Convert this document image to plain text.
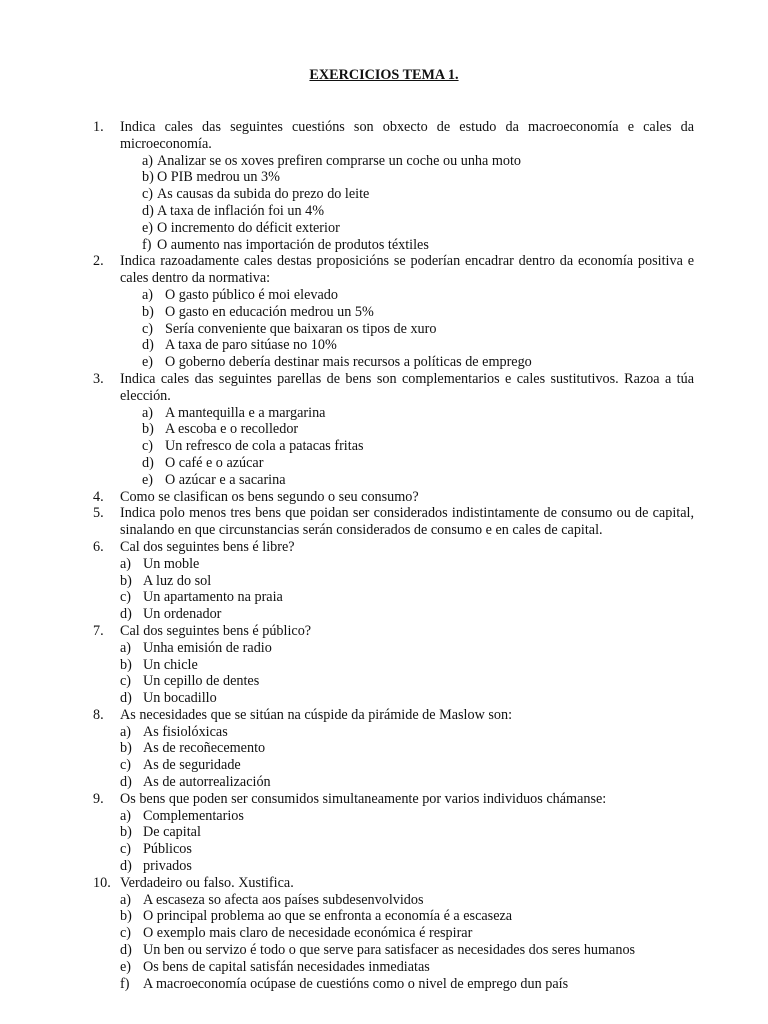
EXERCICIOS TEMA 1.
1.	Indica cales das seguintes cuestións son obxecto de estudo da macroeconomía e cales da microeconomía.
a) Analizar se os xoves prefiren comprarse un coche ou unha moto
b) O PIB medrou un 3%
c) As causas da subida do prezo do leite
d) A taxa de inflación foi un 4%
e) O incremento do déficit exterior
f) O aumento nas importación de produtos téxtiles
2.	Indica razoadamente cales destas proposicións se poderían encadrar dentro da economía positiva e cales dentro da normativa:
a) O gasto público é moi elevado
b) O gasto en educación medrou un 5%
c) Sería conveniente que baixaran os tipos de xuro
d) A taxa de paro sitúase no 10%
e) O goberno debería destinar mais recursos a políticas de emprego
3.	Indica cales das seguintes parellas de bens son complementarios e cales sustitutivos. Razoa a túa elección.
a) A mantequilla e a margarina
b) A escoba e o recolledor
c) Un refresco de cola a patacas fritas
d) O café e o azúcar
e) O azúcar e a sacarina
4.	Como se clasifican os bens segundo o seu consumo?
5.	Indica polo menos tres bens que poidan ser considerados indistintamente de consumo ou de capital, sinalando en que circunstancias serán considerados de consumo e en cales de capital.
6.	Cal dos seguintes bens é libre?
a) Un moble
b) A luz do sol
c) Un apartamento na praia
d) Un ordenador
7.	Cal dos seguintes bens é público?
a) Unha emisión de radio
b) Un chicle
c) Un cepillo de dentes
d) Un bocadillo
8.	As necesidades que se sitúan na cúspide da pirámide de Maslow son:
a) As fisiolóxicas
b) As de recoñecemento
c) As de seguridade
d) As de autorrealización
9.	Os bens que poden ser consumidos simultaneamente por varios individuos chámanse:
a) Complementarios
b) De capital
c) Públicos
d) privados
10. Verdadeiro ou falso. Xustifica.
a) A escaseza so afecta aos países subdesenvolvidos
b) O principal problema ao que se enfronta a economía é a escaseza
c) O exemplo mais claro de necesidade económica é respirar
d) Un ben ou servizo é todo o que serve para satisfacer as necesidades dos seres humanos
e) Os bens de capital satisfán necesidades inmediatas
f) A macroeconomía ocúpase de cuestións como o nivel de emprego dun país
